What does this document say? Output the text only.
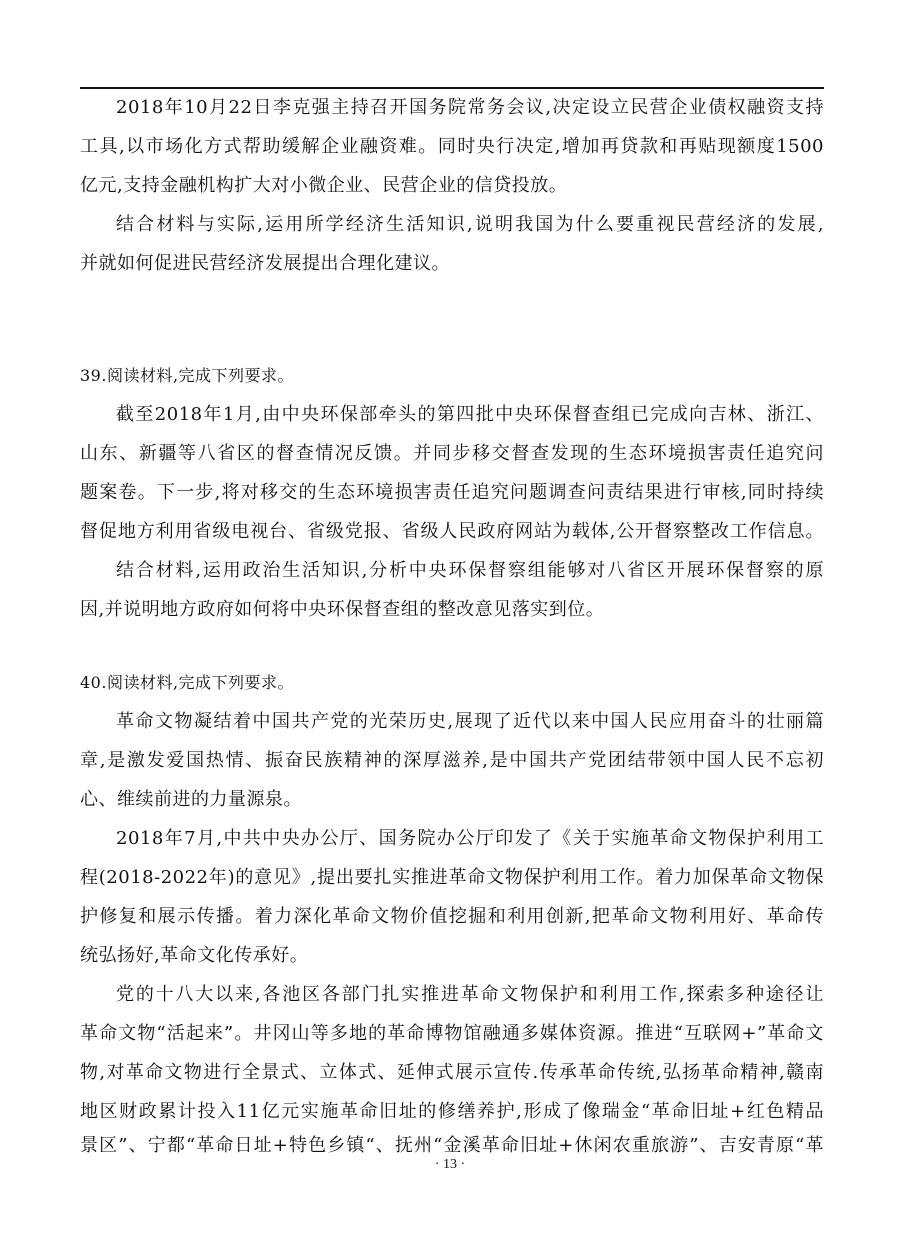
2018年10月22日李克强主持召开国务院常务会议,决定设立民营企业债权融资支持
工具,以市场化方式帮助缓解企业融资难。同时央行决定,增加再贷款和再贴现额度1500
亿元,支持金融机构扩大对小微企业、民营企业的信贷投放。
结合材料与实际,运用所学经济生活知识,说明我国为什么要重视民营经济的发展,
并就如何促进民营经济发展提出合理化建议。
39.阅读材料,完成下列要求。
截至2018年1月,由中央环保部牵头的第四批中央环保督查组已完成向吉林、浙江、
山东、新疆等八省区的督查情况反馈。并同步移交督查发现的生态环境损害责任追究问
题案卷。下一步,将对移交的生态环境损害责任追究问题调查问责结果进行审核,同时持续
督促地方利用省级电视台、省级党报、省级人民政府网站为载体,公开督察整改工作信息。
结合材料,运用政治生活知识,分析中央环保督察组能够对八省区开展环保督察的原
因,并说明地方政府如何将中央环保督查组的整改意见落实到位。
40.阅读材料,完成下列要求。
革命文物凝结着中国共产党的光荣历史,展现了近代以来中国人民应用奋斗的壮丽篇
章,是激发爱国热情、振奋民族精神的深厚滋养,是中国共产党团结带领中国人民不忘初
心、维续前进的力量源泉。
2018年7月,中共中央办公厅、国务院办公厅印发了《关于实施革命文物保护利用工
程(2018-2022年)的意见》,提出要扎实推进革命文物保护利用工作。着力加保革命文物保
护修复和展示传播。着力深化革命文物价值挖掘和利用创新,把革命文物利用好、革命传
统弘扬好,革命文化传承好。
党的十八大以来,各池区各部门扎实推进革命文物保护和利用工作,探索多种途径让
革命文物“活起来”。井冈山等多地的革命博物馆融通多媒体资源。推进“互联网+”革命文
物,对革命文物进行全景式、立体式、延伸式展示宣传.传承革命传统,弘扬革命精神,赣南
地区财政累计投入11亿元实施革命旧址的修缮养护,形成了像瑞金“革命旧址+红色精品
景区”、宁都“革命日址+特色乡镇“、抚州“金溪革命旧址+休闲农重旅游”、吉安青原“革
· 13 ·
